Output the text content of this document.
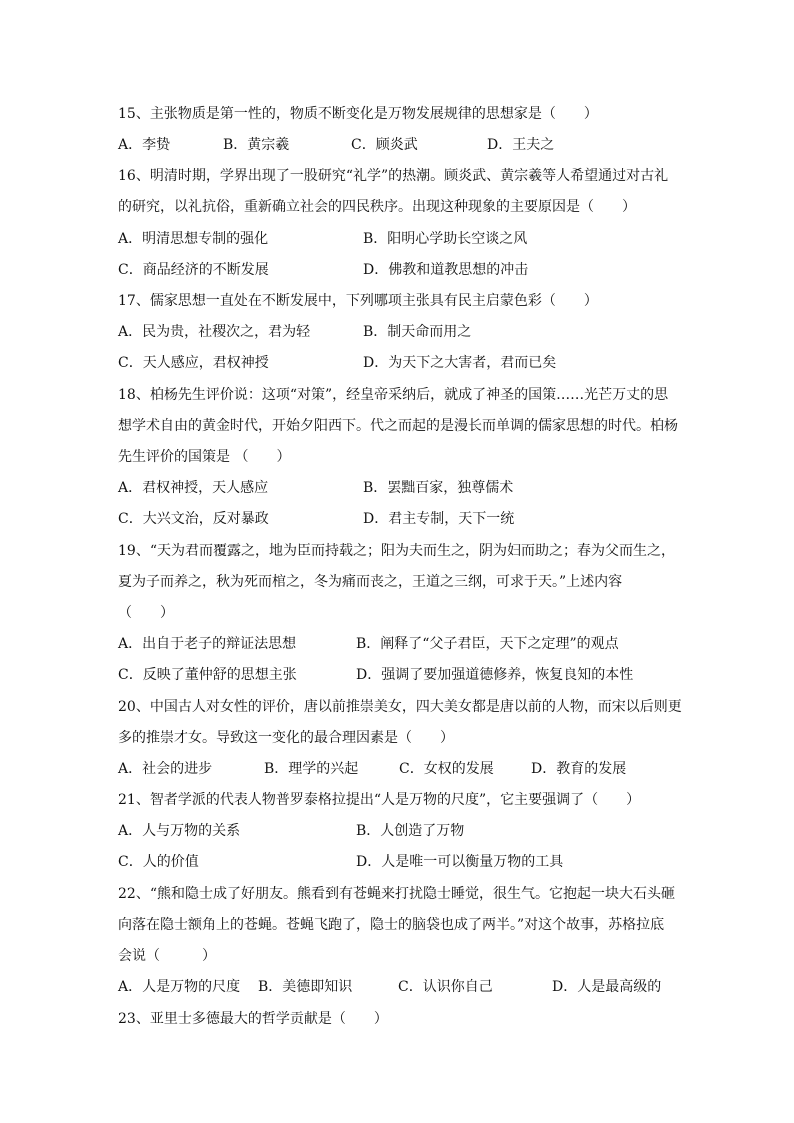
15、主张物质是第一性的，物质不断变化是万物发展规律的思想家是（　　）
A．李贽	B．黄宗羲	C．顾炎武	D．王夫之
16、明清时期，学界出现了一股研究“礼学”的热潮。顾炎武、黄宗羲等人希望通过对古礼
的研究，以礼抗俗，重新确立社会的四民秩序。出现这种现象的主要原因是（　　）
A．明清思想专制的强化	B．阳明心学助长空谈之风
C．商品经济的不断发展	D．佛教和道教思想的冲击
17、儒家思想一直处在不断发展中，下列哪项主张具有民主启蒙色彩（　　）
A．民为贵，社稷次之，君为轻	B．制天命而用之
C．天人感应，君权神授	D．为天下之大害者，君而已矣
18、柏杨先生评价说：这项“对策”，经皇帝采纳后，就成了神圣的国策……光芒万丈的思
想学术自由的黄金时代，开始夕阳西下。代之而起的是漫长而单调的儒家思想的时代。柏杨
先生评价的国策是 （　　）
A．君权神授，天人感应	B．罢黜百家，独尊儒术
C．大兴文治，反对暴政	D．君主专制，天下一统
19、“天为君而覆露之，地为臣而持载之；阳为夫而生之，阴为妇而助之；春为父而生之，
夏为子而养之，秋为死而棺之，冬为痛而丧之，王道之三纲，可求于天。”上述内容
（　　）
A．出自于老子的辩证法思想	B．阐释了“父子君臣，天下之定理”的观点
C．反映了董仲舒的思想主张	D．强调了要加强道德修养，恢复良知的本性
20、中国古人对女性的评价，唐以前推崇美女，四大美女都是唐以前的人物，而宋以后则更
多的推崇才女。导致这一变化的最合理因素是（　　）
A．社会的进步	B．理学的兴起	C．女权的发展	D．教育的发展
21、智者学派的代表人物普罗泰格拉提出“人是万物的尺度”，它主要强调了（　　）
A．人与万物的关系	B．人创造了万物
C．人的价值	D．人是唯一可以衡量万物的工具
22、“熊和隐士成了好朋友。熊看到有苍蝇来打扰隐士睡觉，很生气。它抱起一块大石头砸
向落在隐士额角上的苍蝇。苍蝇飞跑了，隐士的脑袋也成了两半。”对这个故事，苏格拉底
会说（　　　）
A．人是万物的尺度 B．美德即知识	C．认识你自己	D．人是最高级的
23、亚里士多德最大的哲学贡献是（　　）
